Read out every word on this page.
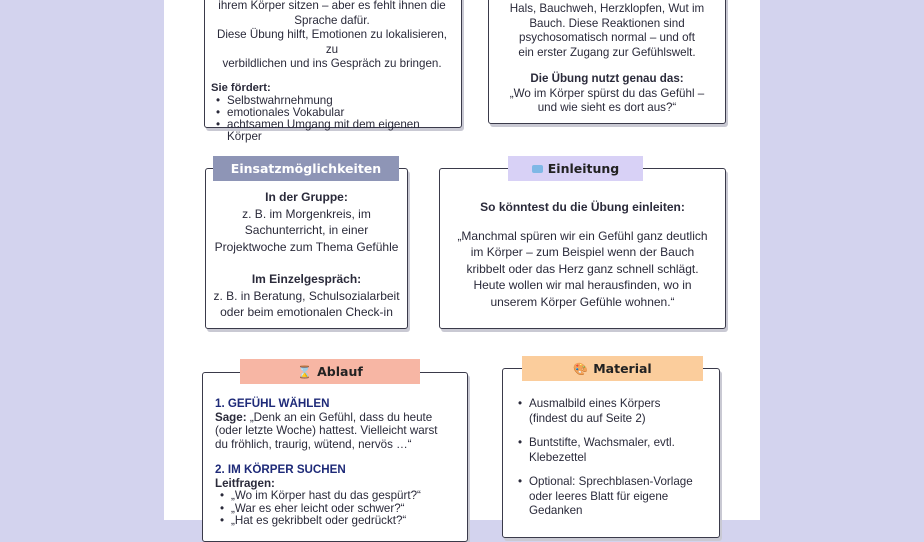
ihrem Körper sitzen – aber es fehlt ihnen die
Sprache dafür.
Diese Übung hilft, Emotionen zu lokalisieren, zu
verbildlichen und ins Gespräch zu bringen.
Sie fördert:
• Selbstwahrnehmung
• emotionales Vokabular
• achtsamen Umgang mit dem eigenen Körper
Hals, Bauchweh, Herzklopfen, Wut im
Bauch. Diese Reaktionen sind
psychosomatisch normal – und oft
ein erster Zugang zur Gefühlswelt.
Die Übung nutzt genau das:
„Wo im Körper spürst du das Gefühl –
und wie sieht es dort aus?“

In der Gruppe:

z. B. im Morgenkreis, im

Sachunterricht, in einer

Projektwoche zum Thema Gefühle

Im Einzelgespräch:

z. B. in Beratung, Schulsozialarbeit

oder beim emotionalen Check-in

Einsatzmöglichkeiten

So könntest du die Übung einleiten:

„Manchmal spüren wir ein Gefühl ganz deutlich

im Körper – zum Beispiel wenn der Bauch

kribbelt oder das Herz ganz schnell schlägt.

Heute wollen wir mal herausfinden, wo in

unserem Körper Gefühle wohnen.“

Einleitung

1. GEFÜHL WÄHLEN

Sage: „Denk an ein Gefühl, dass du heute

(oder letzte Woche) hattest. Vielleicht warst

du fröhlich, traurig, wütend, nervös …“

2. IM KÖRPER SUCHEN

Leitfragen:

• „Wo im Körper hast du das gespürt?“
• „War es eher leicht oder schwer?“
• „Hat es gekribbelt oder gedrückt?“
⌛ Ablauf
• Ausmalbild eines Körpers
(findest du auf Seite 2)
• Buntstifte, Wachsmaler, evtl.
Klebezettel
• Optional: Sprechblasen-Vorlage
oder leeres Blatt für eigene
Gedanken
🎨 Material
